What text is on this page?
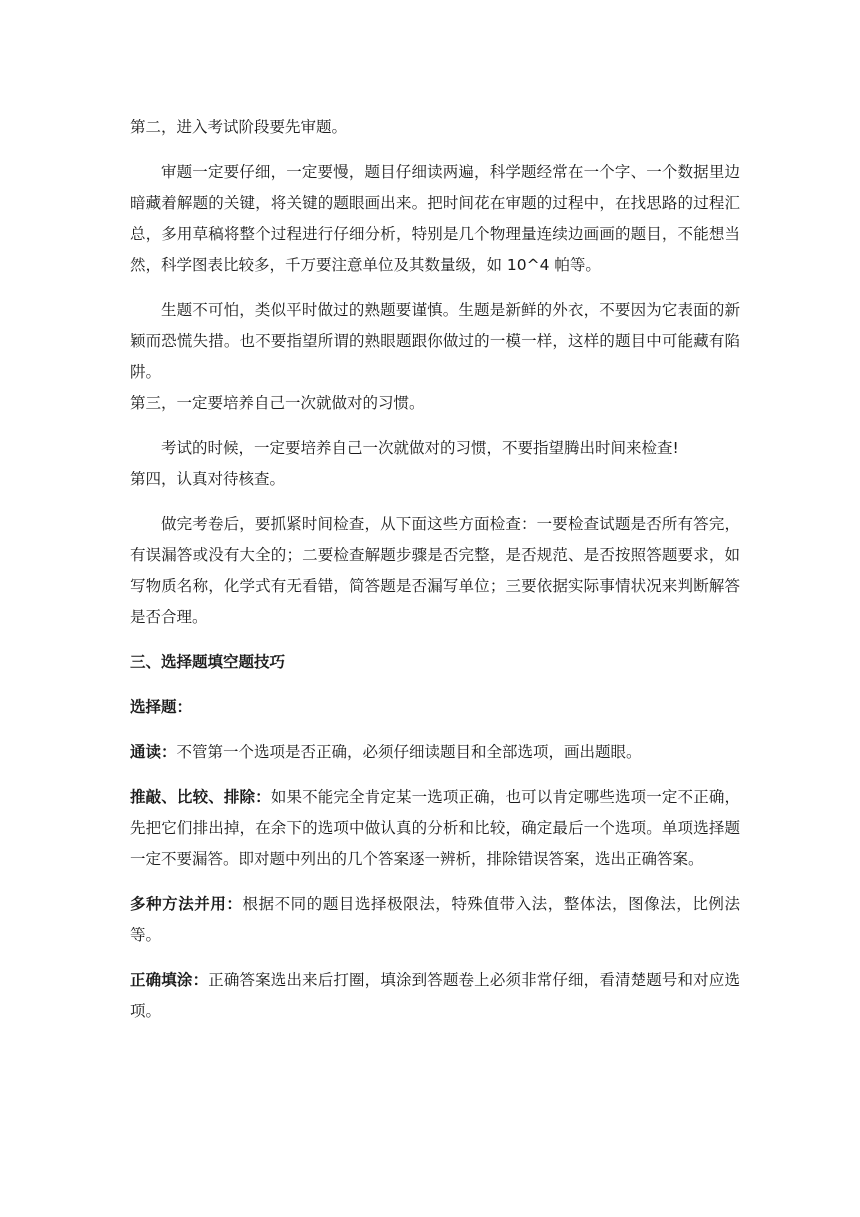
第二，进入考试阶段要先审题。

审题一定要仔细，一定要慢，题目仔细读两遍，科学题经常在一个字、一个数据里边暗藏着解题的关键，将关键的题眼画出来。把时间花在审题的过程中，在找思路的过程汇总，多用草稿将整个过程进行仔细分析，特别是几个物理量连续边画画的题目，不能想当然，科学图表比较多，千万要注意单位及其数量级，如 10^4 帕等。

生题不可怕，类似平时做过的熟题要谨慎。生题是新鲜的外衣，不要因为它表面的新颖而恐慌失措。也不要指望所谓的熟眼题跟你做过的一模一样，这样的题目中可能藏有陷阱。

第三，一定要培养自己一次就做对的习惯。

考试的时候，一定要培养自己一次就做对的习惯，不要指望腾出时间来检查!

第四，认真对待核查。

做完考卷后，要抓紧时间检查，从下面这些方面检查：一要检查试题是否所有答完，有误漏答或没有大全的；二要检查解题步骤是否完整，是否规范、是否按照答题要求，如写物质名称，化学式有无看错，简答题是否漏写单位；三要依据实际事情状况来判断解答是否合理。

三、选择题填空题技巧

选择题：

通读：不管第一个选项是否正确，必须仔细读题目和全部选项，画出题眼。

推敲、比较、排除：如果不能完全肯定某一选项正确，也可以肯定哪些选项一定不正确，先把它们排出掉，在余下的选项中做认真的分析和比较，确定最后一个选项。单项选择题一定不要漏答。即对题中列出的几个答案逐一辨析，排除错误答案，选出正确答案。

多种方法并用：根据不同的题目选择极限法，特殊值带入法，整体法，图像法，比例法等。

正确填涂：正确答案选出来后打圈，填涂到答题卷上必须非常仔细，看清楚题号和对应选项。
